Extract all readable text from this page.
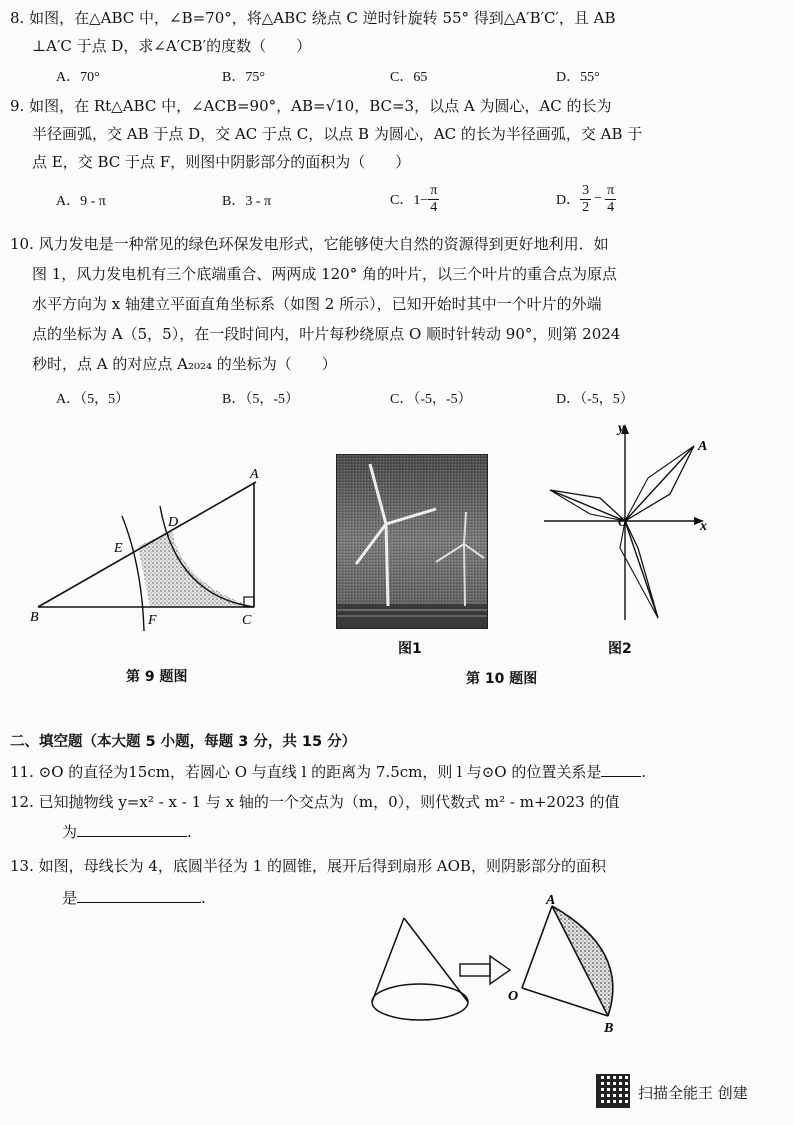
8. 如图，在△ABC 中，∠B=70°，将△ABC 绕点 C 逆时针旋转 55° 得到△A′B′C′，且 AB
⊥A′C 于点 D，求∠A′CB′的度数（　　）
A．70°	B．75°	C．65	D．55°
9. 如图，在 Rt△ABC 中，∠ACB=90°，AB=√10，BC=3，以点 A 为圆心，AC 的长为
半径画弧，交 AB 于点 D，交 AC 于点 C，以点 B 为圆心，AC 的长为半径画弧，交 AB 于
点 E，交 BC 于点 F，则图中阴影部分的面积为（　　）
A．9 - π	B．3 - π	C．$1- \frac{\pi}{4}$	D． $\frac{3}{2} - \frac{\pi}{4}$
10. 风力发电是一种常见的绿色环保发电形式，它能够使大自然的资源得到更好地利用．如
图 1，风力发电机有三个底端重合、两两成 120° 角的叶片，以三个叶片的重合点为原点
水平方向为 x 轴建立平面直角坐标系（如图 2 所示），已知开始时其中一个叶片的外端
点的坐标为 A（5，5），在一段时间内，叶片每秒绕原点 O 顺时针转动 90°，则第 2024
秒时，点 A 的对应点 A₂₀₂₄ 的坐标为（　　）
A．（5，5）	B．（5，-5）	C．（-5，-5）	D．（-5，5）
A
B	C
D
E
F
第 9 题图
图1
y
x
O
A
图2
第 10 题图
二、填空题（本大题 5 小题，每题 3 分，共 15 分）
11. ⊙O 的直径为15cm，若圆心 O 与直线 l 的距离为 7.5cm，则 l 与⊙O 的位置关系是	.
12. 已知抛物线 y=x² - x - 1 与 x 轴的一个交点为（m，0），则代数式 m² - m+2023 的值
为	.
13. 如图，母线长为 4，底圆半径为 1 的圆锥，展开后得到扇形 AOB，则阴影部分的面积
是	.	A
O
B
扫描全能王 创建
